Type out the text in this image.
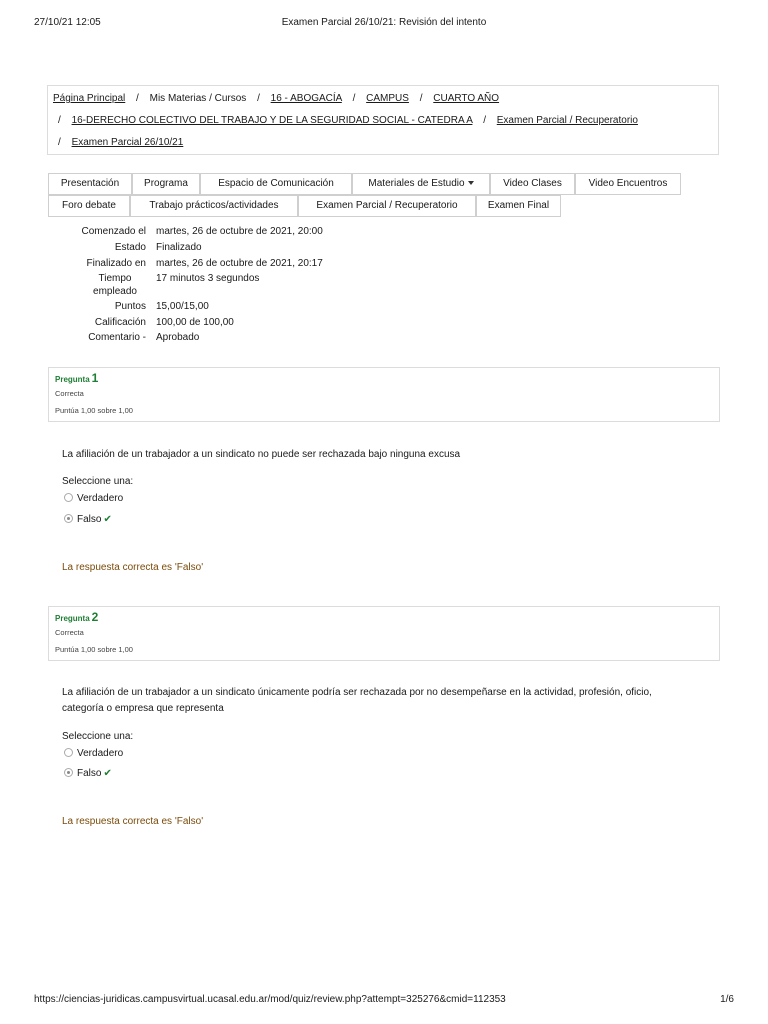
27/10/21 12:05	Examen Parcial 26/10/21: Revisión del intento
Página Principal / Mis Materias / Cursos / 16 - ABOGACÍA / CAMPUS / CUARTO AÑO
/ 16-DERECHO COLECTIVO DEL TRABAJO Y DE LA SEGURIDAD SOCIAL - CATEDRA A / Examen Parcial / Recuperatorio
/ Examen Parcial 26/10/21
Presentación	Programa	Espacio de Comunicación	Materiales de Estudio	Video Clases	Video Encuentros
Foro debate	Trabajo prácticos/actividades	Examen Parcial / Recuperatorio	Examen Final
Comenzado el martes, 26 de octubre de 2021, 20:00
Estado Finalizado
Finalizado en martes, 26 de octubre de 2021, 20:17
Tiempo empleado
17 minutos 3 segundos
Puntos 15,00/15,00
Calificación 100,00 de 100,00
Comentario - Aprobado
Pregunta 1
Correcta
Puntúa 1,00 sobre 1,00
La afiliación de un trabajador a un sindicato no puede ser rechazada bajo ninguna excusa
Seleccione una:
Verdadero
Falso ✔
La respuesta correcta es 'Falso'
Pregunta 2
Correcta
Puntúa 1,00 sobre 1,00
La afiliación de un trabajador a un sindicato únicamente podría ser rechazada por no desempeñarse en la actividad, profesión, oficio, categoría o empresa que representa
Seleccione una:
Verdadero
Falso ✔
La respuesta correcta es 'Falso'
https://ciencias-juridicas.campusvirtual.ucasal.edu.ar/mod/quiz/review.php?attempt=325276&cmid=112353	1/6
